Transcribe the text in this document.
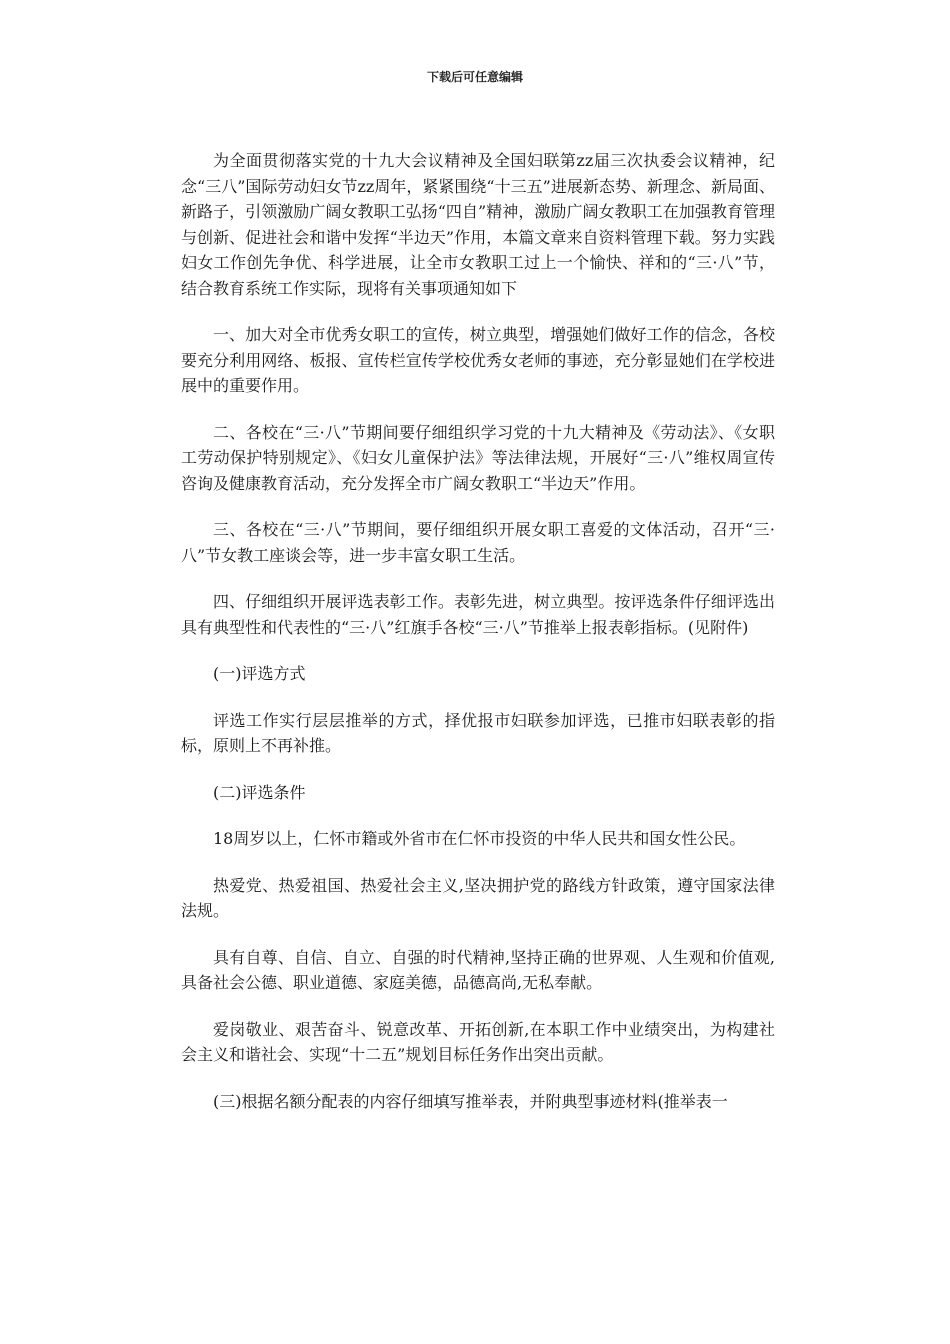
下载后可任意编辑

为全面贯彻落实党的十九大会议精神及全国妇联第zz届三次执委会议精神，纪念“三八”国际劳动妇女节zz周年，紧紧围绕“十三五”进展新态势、新理念、新局面、新路子，引领激励广阔女教职工弘扬“四自”精神，激励广阔女教职工在加强教育管理与创新、促进社会和谐中发挥“半边天”作用，本篇文章来自资料管理下载。努力实践妇女工作创先争优、科学进展，让全市女教职工过上一个愉快、祥和的“三·八”节，结合教育系统工作实际，现将有关事项通知如下

一、加大对全市优秀女职工的宣传，树立典型，增强她们做好工作的信念，各校要充分利用网络、板报、宣传栏宣传学校优秀女老师的事迹，充分彰显她们在学校进展中的重要作用。

二、各校在“三·八”节期间要仔细组织学习党的十九大精神及《劳动法》、《女职工劳动保护特别规定》、《妇女儿童保护法》等法律法规，开展好“三·八”维权周宣传咨询及健康教育活动，充分发挥全市广阔女教职工“半边天”作用。

三、各校在“三·八”节期间，要仔细组织开展女职工喜爱的文体活动，召开“三·八”节女教工座谈会等，进一步丰富女职工生活。

四、仔细组织开展评选表彰工作。表彰先进，树立典型。按评选条件仔细评选出具有典型性和代表性的“三·八”红旗手各校“三·八”节推举上报表彰指标。(见附件)

(一)评选方式

评选工作实行层层推举的方式，择优报市妇联参加评选，已推市妇联表彰的指标，原则上不再补推。

(二)评选条件

18周岁以上，仁怀市籍或外省市在仁怀市投资的中华人民共和国女性公民。

热爱党、热爱祖国、热爱社会主义,坚决拥护党的路线方针政策，遵守国家法律法规。

具有自尊、自信、自立、自强的时代精神,坚持正确的世界观、人生观和价值观,具备社会公德、职业道德、家庭美德，品德高尚,无私奉献。

爱岗敬业、艰苦奋斗、锐意改革、开拓创新,在本职工作中业绩突出，为构建社会主义和谐社会、实现“十二五”规划目标任务作出突出贡献。

(三)根据名额分配表的内容仔细填写推举表，并附典型事迹材料(推举表一
